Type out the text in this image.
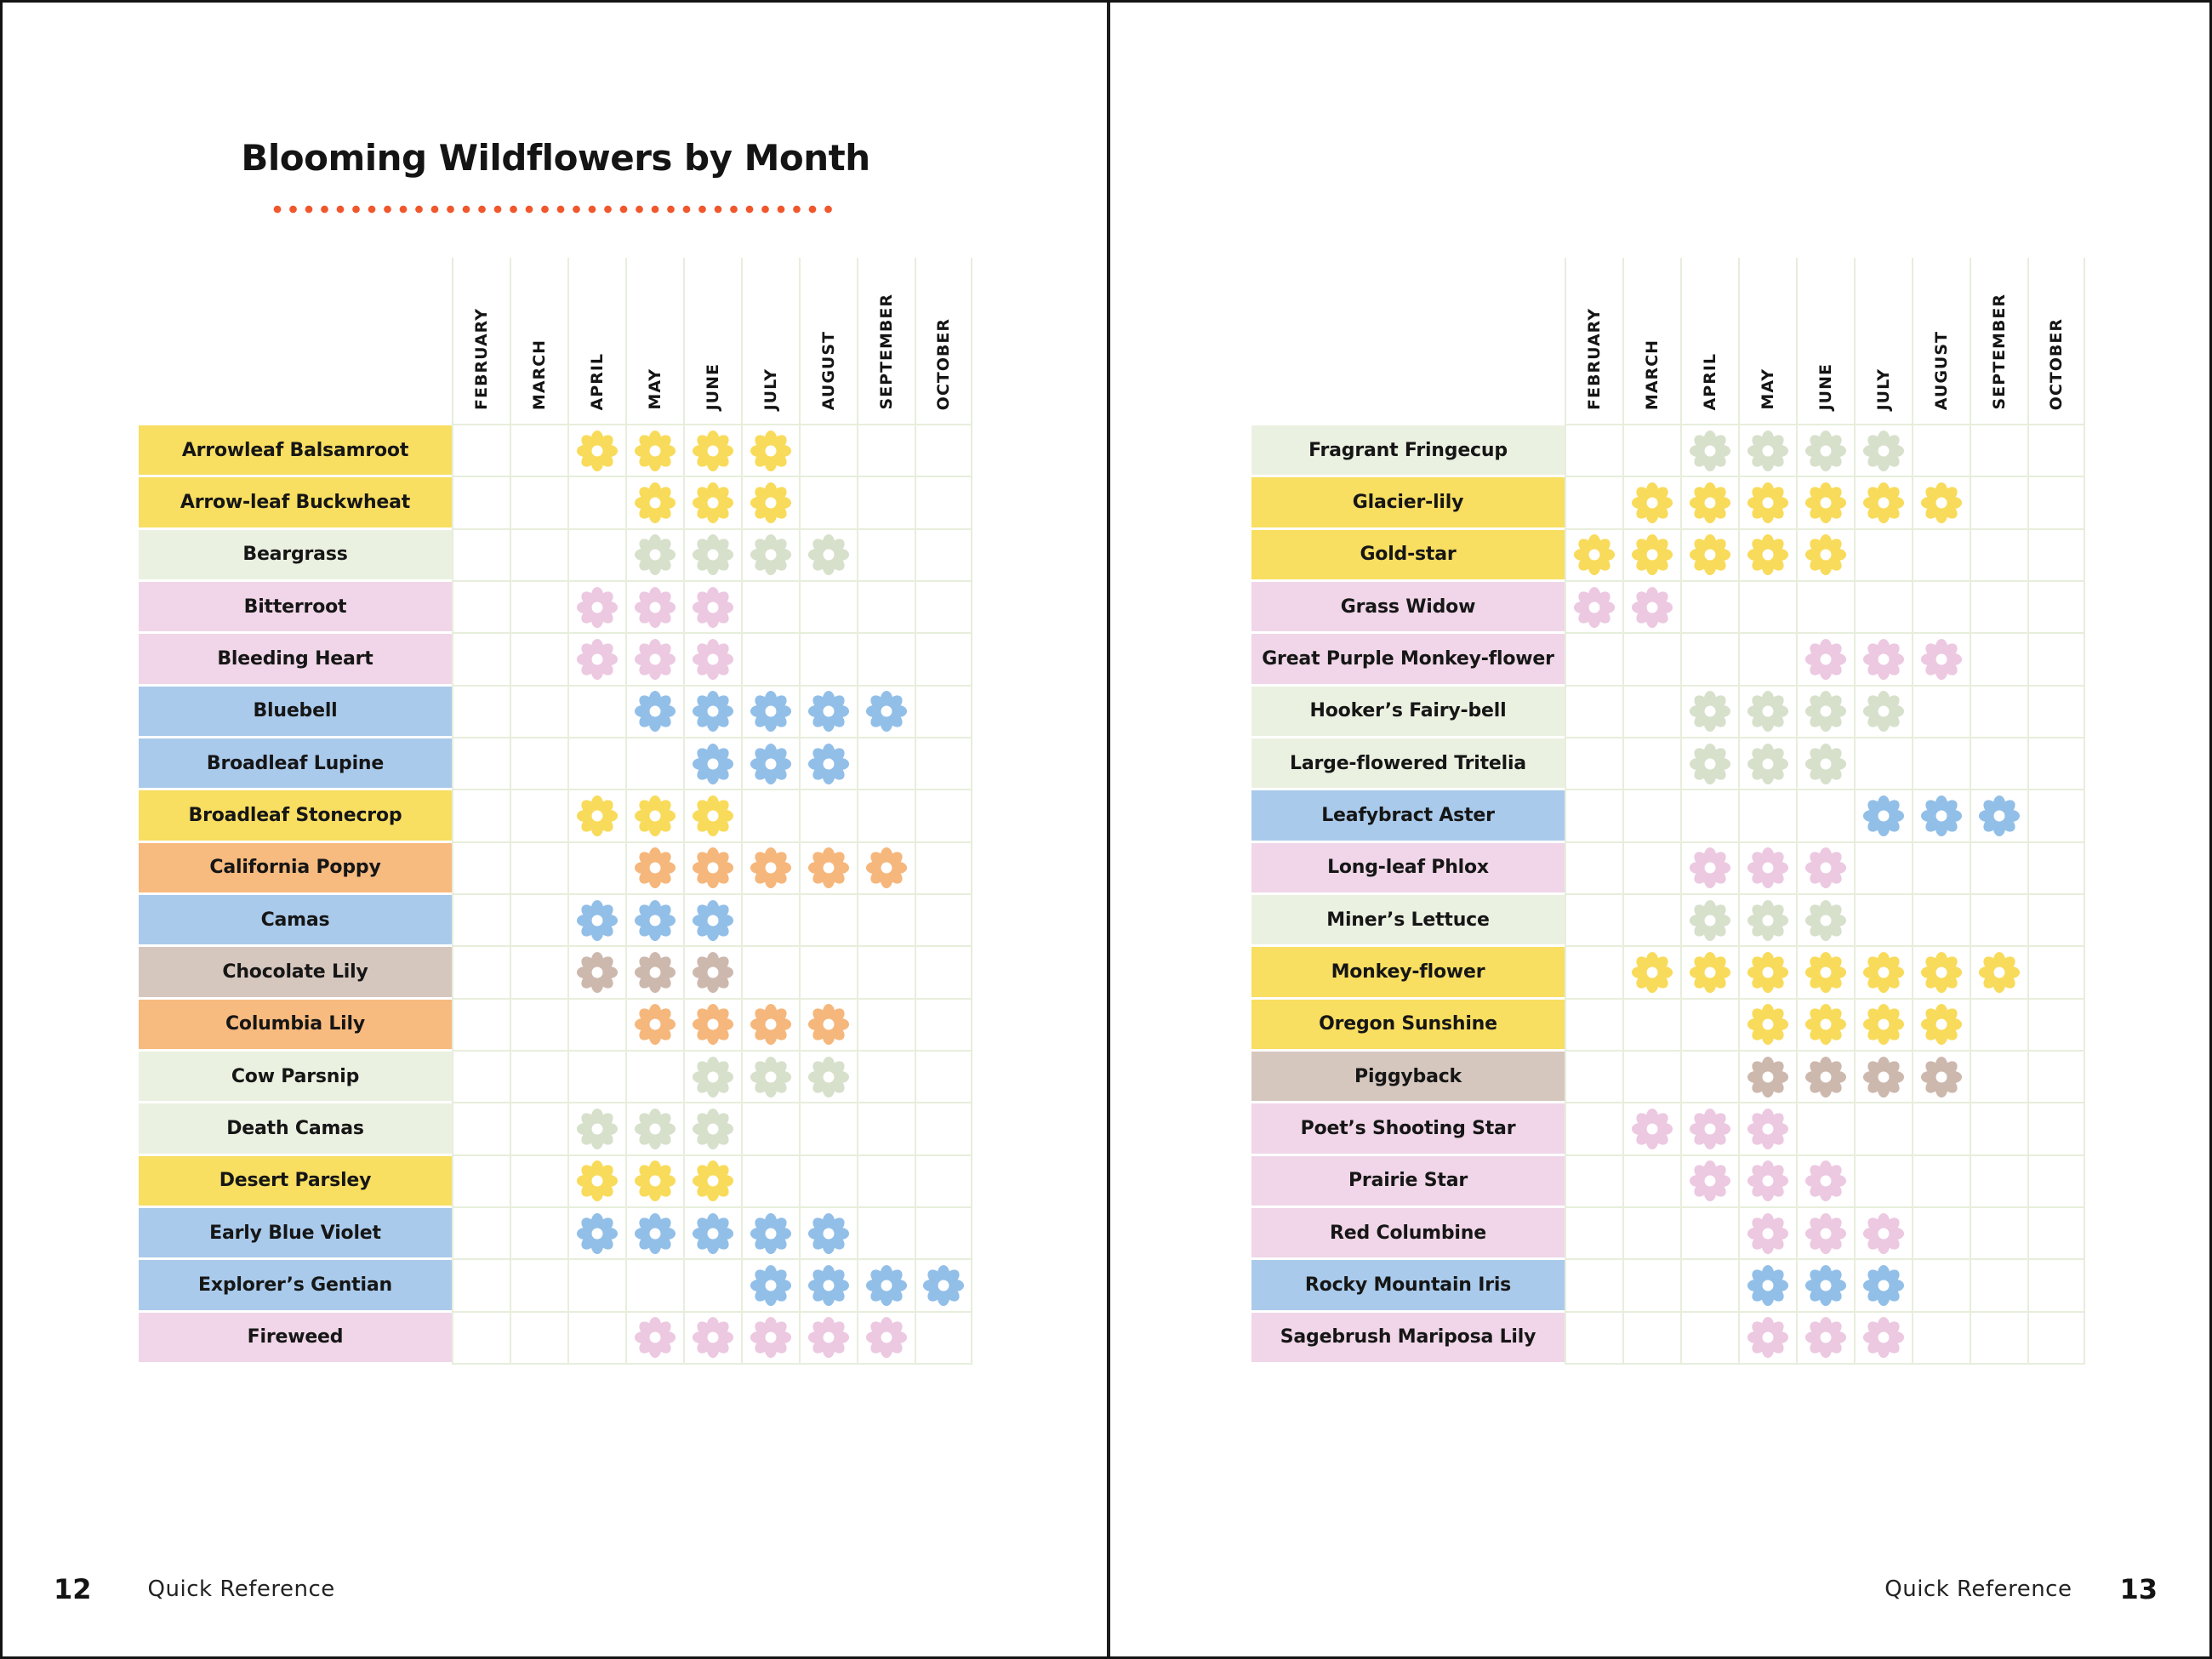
Blooming Wildflowers by Month
FEBRUARY MARCH APRIL MAY JUNE JULY AUGUST SEPTEMBER OCTOBER
Arrowleaf Balsamroot
Arrow-leaf Buckwheat
Beargrass
Bitterroot
Bleeding Heart
Bluebell
Broadleaf Lupine
Broadleaf Stonecrop
California Poppy
Camas
Chocolate Lily
Columbia Lily
Cow Parsnip
Death Camas
Desert Parsley
Early Blue Violet
Explorer’s Gentian
Fireweed
12	Quick Reference
FEBRUARY MARCH APRIL MAY JUNE JULY AUGUST SEPTEMBER OCTOBER
Fragrant Fringecup
Glacier-lily
Gold-star
Grass Widow
Great Purple Monkey-flower
Hooker’s Fairy-bell
Large-flowered Tritelia
Leafybract Aster
Long-leaf Phlox
Miner’s Lettuce
Monkey-flower
Oregon Sunshine
Piggyback
Poet’s Shooting Star
Prairie Star
Red Columbine
Rocky Mountain Iris
Sagebrush Mariposa Lily
Quick Reference 13
